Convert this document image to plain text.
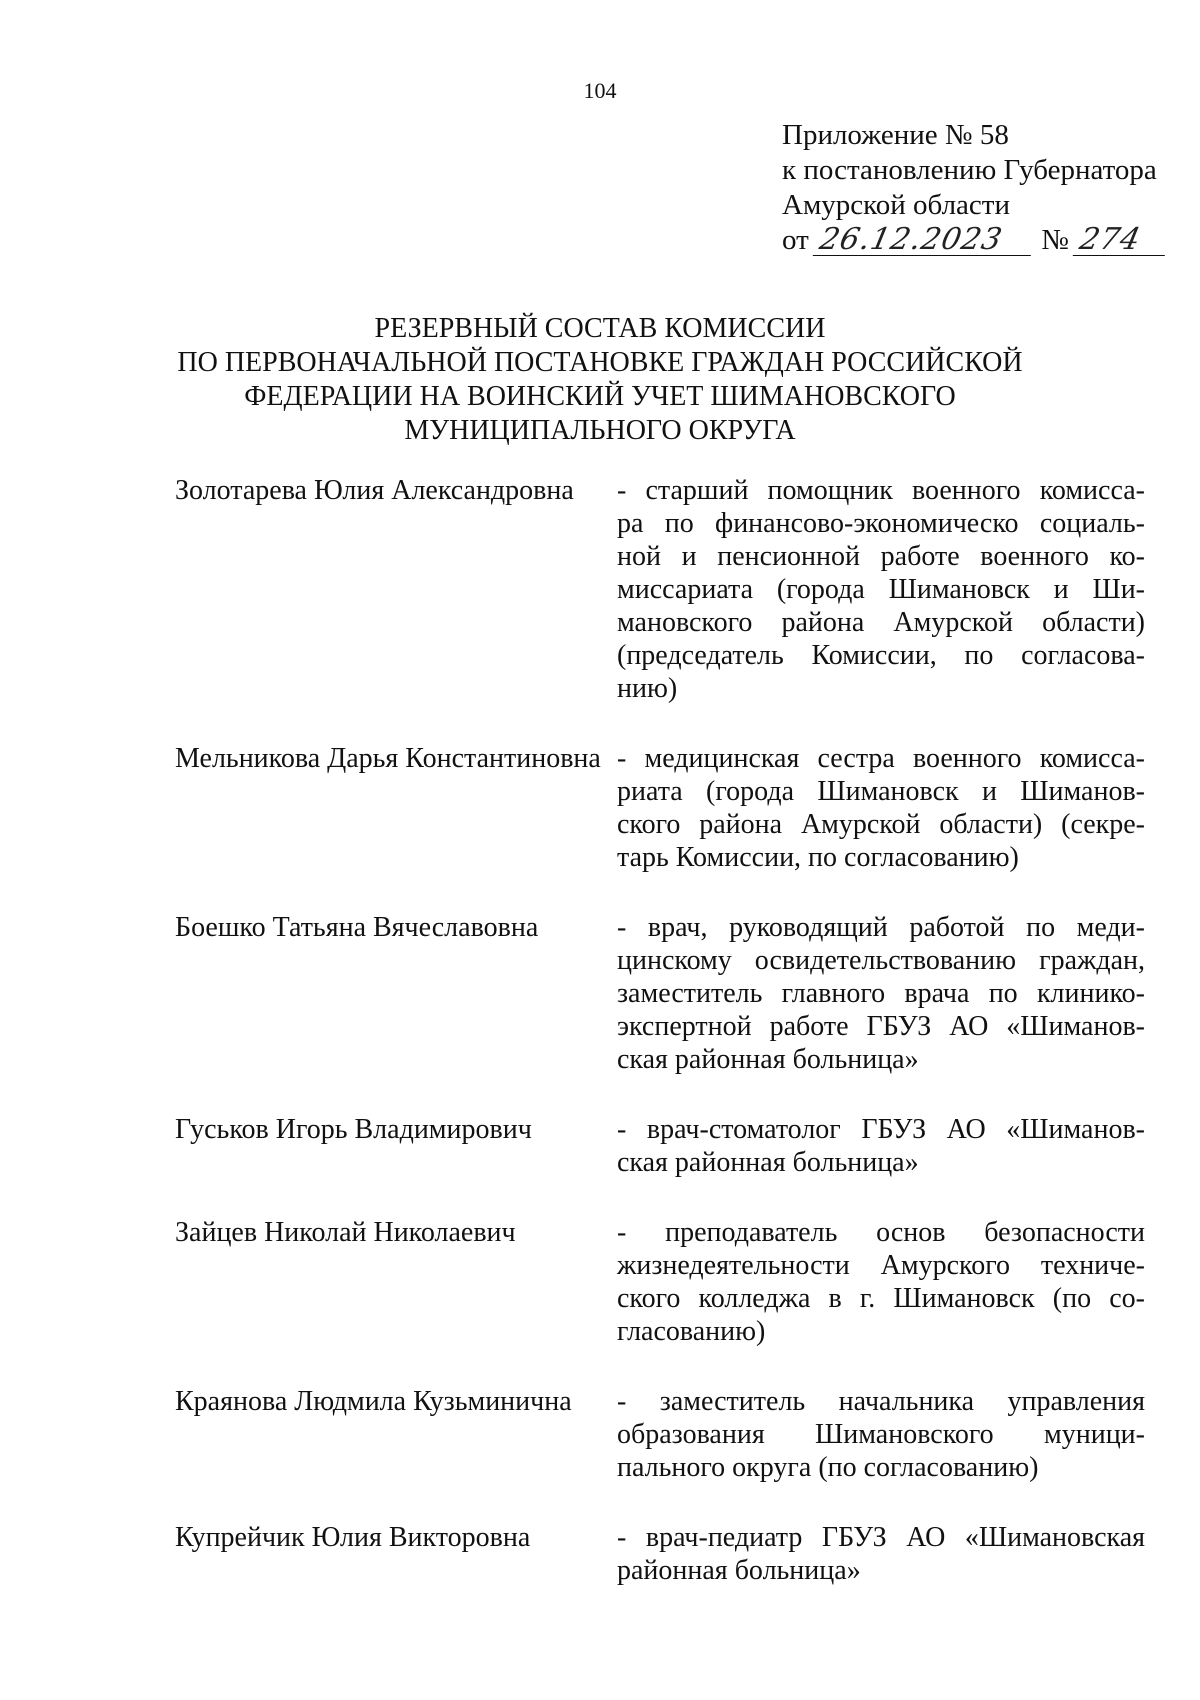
104
Приложение № 58
к постановлению Губернатора
Амурской области
от 26.12.2023 № 274
РЕЗЕРВНЫЙ СОСТАВ КОМИССИИ
ПО ПЕРВОНАЧАЛЬНОЙ ПОСТАНОВКЕ ГРАЖДАН РОССИЙСКОЙ
ФЕДЕРАЦИИ НА ВОИНСКИЙ УЧЕТ ШИМАНОВСКОГО
МУНИЦИПАЛЬНОГО ОКРУГА
Золотарева Юлия Александровна	- старший помощник военного комисса-
ра по финансово-экономическо социаль-
ной и пенсионной работе военного ко-
миссариата (города Шимановск и Ши-
мановского района Амурской области)
(председатель Комиссии, по согласова-
нию)
Мельникова Дарья Константиновна - медицинская сестра военного комисса-
риата (города Шимановск и Шиманов-
ского района Амурской области) (секре-
тарь Комиссии, по согласованию)
Боешко Татьяна Вячеславовна	- врач, руководящий работой по меди-
цинскому освидетельствованию граждан,
заместитель главного врача по клинико-
экспертной работе ГБУЗ АО «Шиманов-
ская районная больница»
Гуськов Игорь Владимирович	- врач-стоматолог ГБУЗ АО «Шиманов-
ская районная больница»
Зайцев Николай Николаевич	- преподаватель основ безопасности
жизнедеятельности Амурского техниче-
ского колледжа в г. Шимановск (по со-
гласованию)
Краянова Людмила Кузьминична	- заместитель начальника управления
образования Шимановского муници-
пального округа (по согласованию)
Купрейчик Юлия Викторовна	- врач-педиатр ГБУЗ АО «Шимановская
районная больница»
